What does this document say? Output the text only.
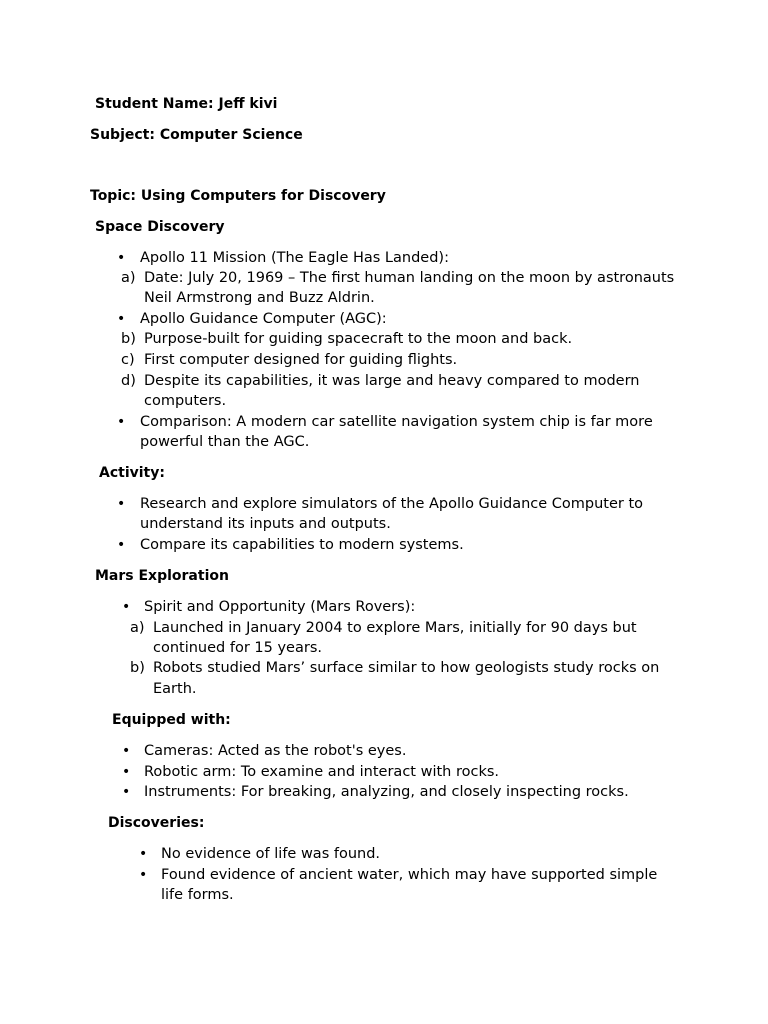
Student Name: Jeff kivi
Subject: Computer Science
Topic: Using Computers for Discovery
Space Discovery
• Apollo 11 Mission (The Eagle Has Landed):
a) Date: July 20, 1969 – The first human landing on the moon by astronauts
Neil Armstrong and Buzz Aldrin.
• Apollo Guidance Computer (AGC):
b) Purpose-built for guiding spacecraft to the moon and back.
c) First computer designed for guiding flights.
d) Despite its capabilities, it was large and heavy compared to modern
computers.
• Comparison: A modern car satellite navigation system chip is far more
powerful than the AGC.
Activity:
• Research and explore simulators of the Apollo Guidance Computer to
understand its inputs and outputs.
• Compare its capabilities to modern systems.
Mars Exploration
• Spirit and Opportunity (Mars Rovers):
a) Launched in January 2004 to explore Mars, initially for 90 days but
continued for 15 years.
b) Robots studied Mars’ surface similar to how geologists study rocks on
Earth.
Equipped with:
• Cameras: Acted as the robot's eyes.
• Robotic arm: To examine and interact with rocks.
• Instruments: For breaking, analyzing, and closely inspecting rocks.
Discoveries:
• No evidence of life was found.
• Found evidence of ancient water, which may have supported simple
life forms.
